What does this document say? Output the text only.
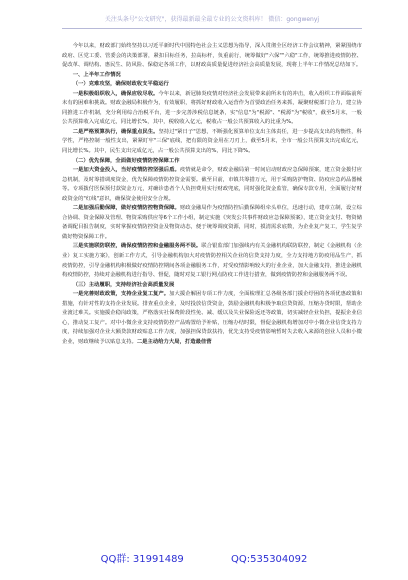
关注头条号"公文研究"，获得最新最全最专业的公文资料库！ 微信：gongwenyj

今年以来，财政部门始终坚持以习近平新时代中国特色社会主义思想为指导，深入贯彻全区经济工作会议精神，紧紧围绕市政府、区党工委、管委会的决策部署，紧扣目标任务，拉高标杆，负重前行，统筹做好"六保""六稳"工作，统筹推进疫情防控、促改革、调结构、惠民生、防风险、保稳定各项工作，以财政高质量促进经济社会高质量发展，现将上半年工作情况总结如下。

一、上半年工作情况

（一）克难攻坚，确保财政收支平稳运行

一是积极组织收入，确保应收尽收。今年以来，新冠肺炎疫情对经济社会发展带来前所未有的冲击，收入组织工作面临前所未有的困难和挑战。财政金融局积极作为，有效履职，将抓好财政收入运营作为首要政治任务来抓，凝聚财税部门合力，建立协同推进工作机制，充分利用综合治税平台，进一步完善涉税信息链条，实"信息"为"税源"、"税源"为"税收"，截至5月末，一般公共预算收入完成亿元，同比增长%，其中，税收收入亿元，税收占一般公共预算收入的比重为%。

二是严格预算执行，确保重点民生。坚持过"紧日子"思想，不断强化预算单位支出主体责任，进一步提高支出的均衡性，科学性，严格控制一般性支出，紧紧盯牢"三保"底线，把有限的资金用在刀刃上，截至5月末，全市一般公共预算支出完成亿元，同比增长%。其中，民生支出完成亿元，占一般公共预算支出的%，同比下降%。

（二）优先保障，全面做好疫情防控保障工作

一是加大资金投入，当好疫情防控坚强后盾。疫情就是命令，财政金融局第一时间启动财政应急保障预案，建立资金拨付应急机制，及时筹措调度资金，优先保障疫情防控资金需要。截至目前，市镇共筹措万元，用于采购防护物资、防疫应急药品器械等。专项拨付医保预付款资金万元，对确诊患者个人负担费用实行财政兜底，同时强化资金监管，确保专款专用，全面履行好财政资金的"红线"意识，确保资金使用安全合规。

二是加强后勤保障，做好疫情防控物资保障。财政金融局作为疫情防控后勤保障组牵头单位，迅速行动，建章立制，设立综合协调、资金保障及管理、物资采购供应等6个工作小组，制定实施《突发公共事件财政应急保障预案》，建立资金支付、物资储备调配目报告制度，实时掌握疫情防控资金及物资动态，便于统筹调度资源，同时，摸清需求底数，为企业复产复工，学生复学做好物资保障工作。

三是实施联防联控，确保疫情防控和金融服务两不误。联合银监部门加强线内有关金融机构联防联控，制定《金融机构（企业）复工实施方案》，创新工作方式，引导金融机构加大对疫情防控相关企业的信贷支持力度，全力支持地方防疫用品生产，抓疫情防控，引导金融机构积极做好疫情防控期间各项金融服务工作，对受疫情影响较大的行业企业，加大金融支持，推进金融机构疫情防控，持续对金融机构进行指导、督促，随时对复工银行网点防疫工作进行措查，做到疫情防控和金融服务两不误。

（三）主动履职，支持经济社会高质量发展

一是完善财政政策，支持企业复工复产。加大援企解困专项工作力度，全面梳理汇总各级各部门援企纾困的各项优惠政策和措施，有针对性的支持企业发展。排查重点企业，及时投放信贷资金，鼓励金融机构积极争取信贷资源，压缩办贷时限，帮助企业渡过难关。实施援企稳岗政策，严格落实社保费阶段性免、减、缓以及失业保险返还等政策，切实减轻企业负担，提振企业信心，推动复工复产。对中小微企业支持疫情防控产品购置给予补贴，压缩办结时限，督促金融机构增加对中小微企业信贷支持力度，持续加强对企业大额贷款财政贴息工作力度，加强担保贷款扶持，优先支持受疫情影响暂时失去收入来源的创业人员和小微企业，财政继续予以贴息支持。二是主动给力大局，打造最佳营

QQ群: 31991489	QQ:535304092
